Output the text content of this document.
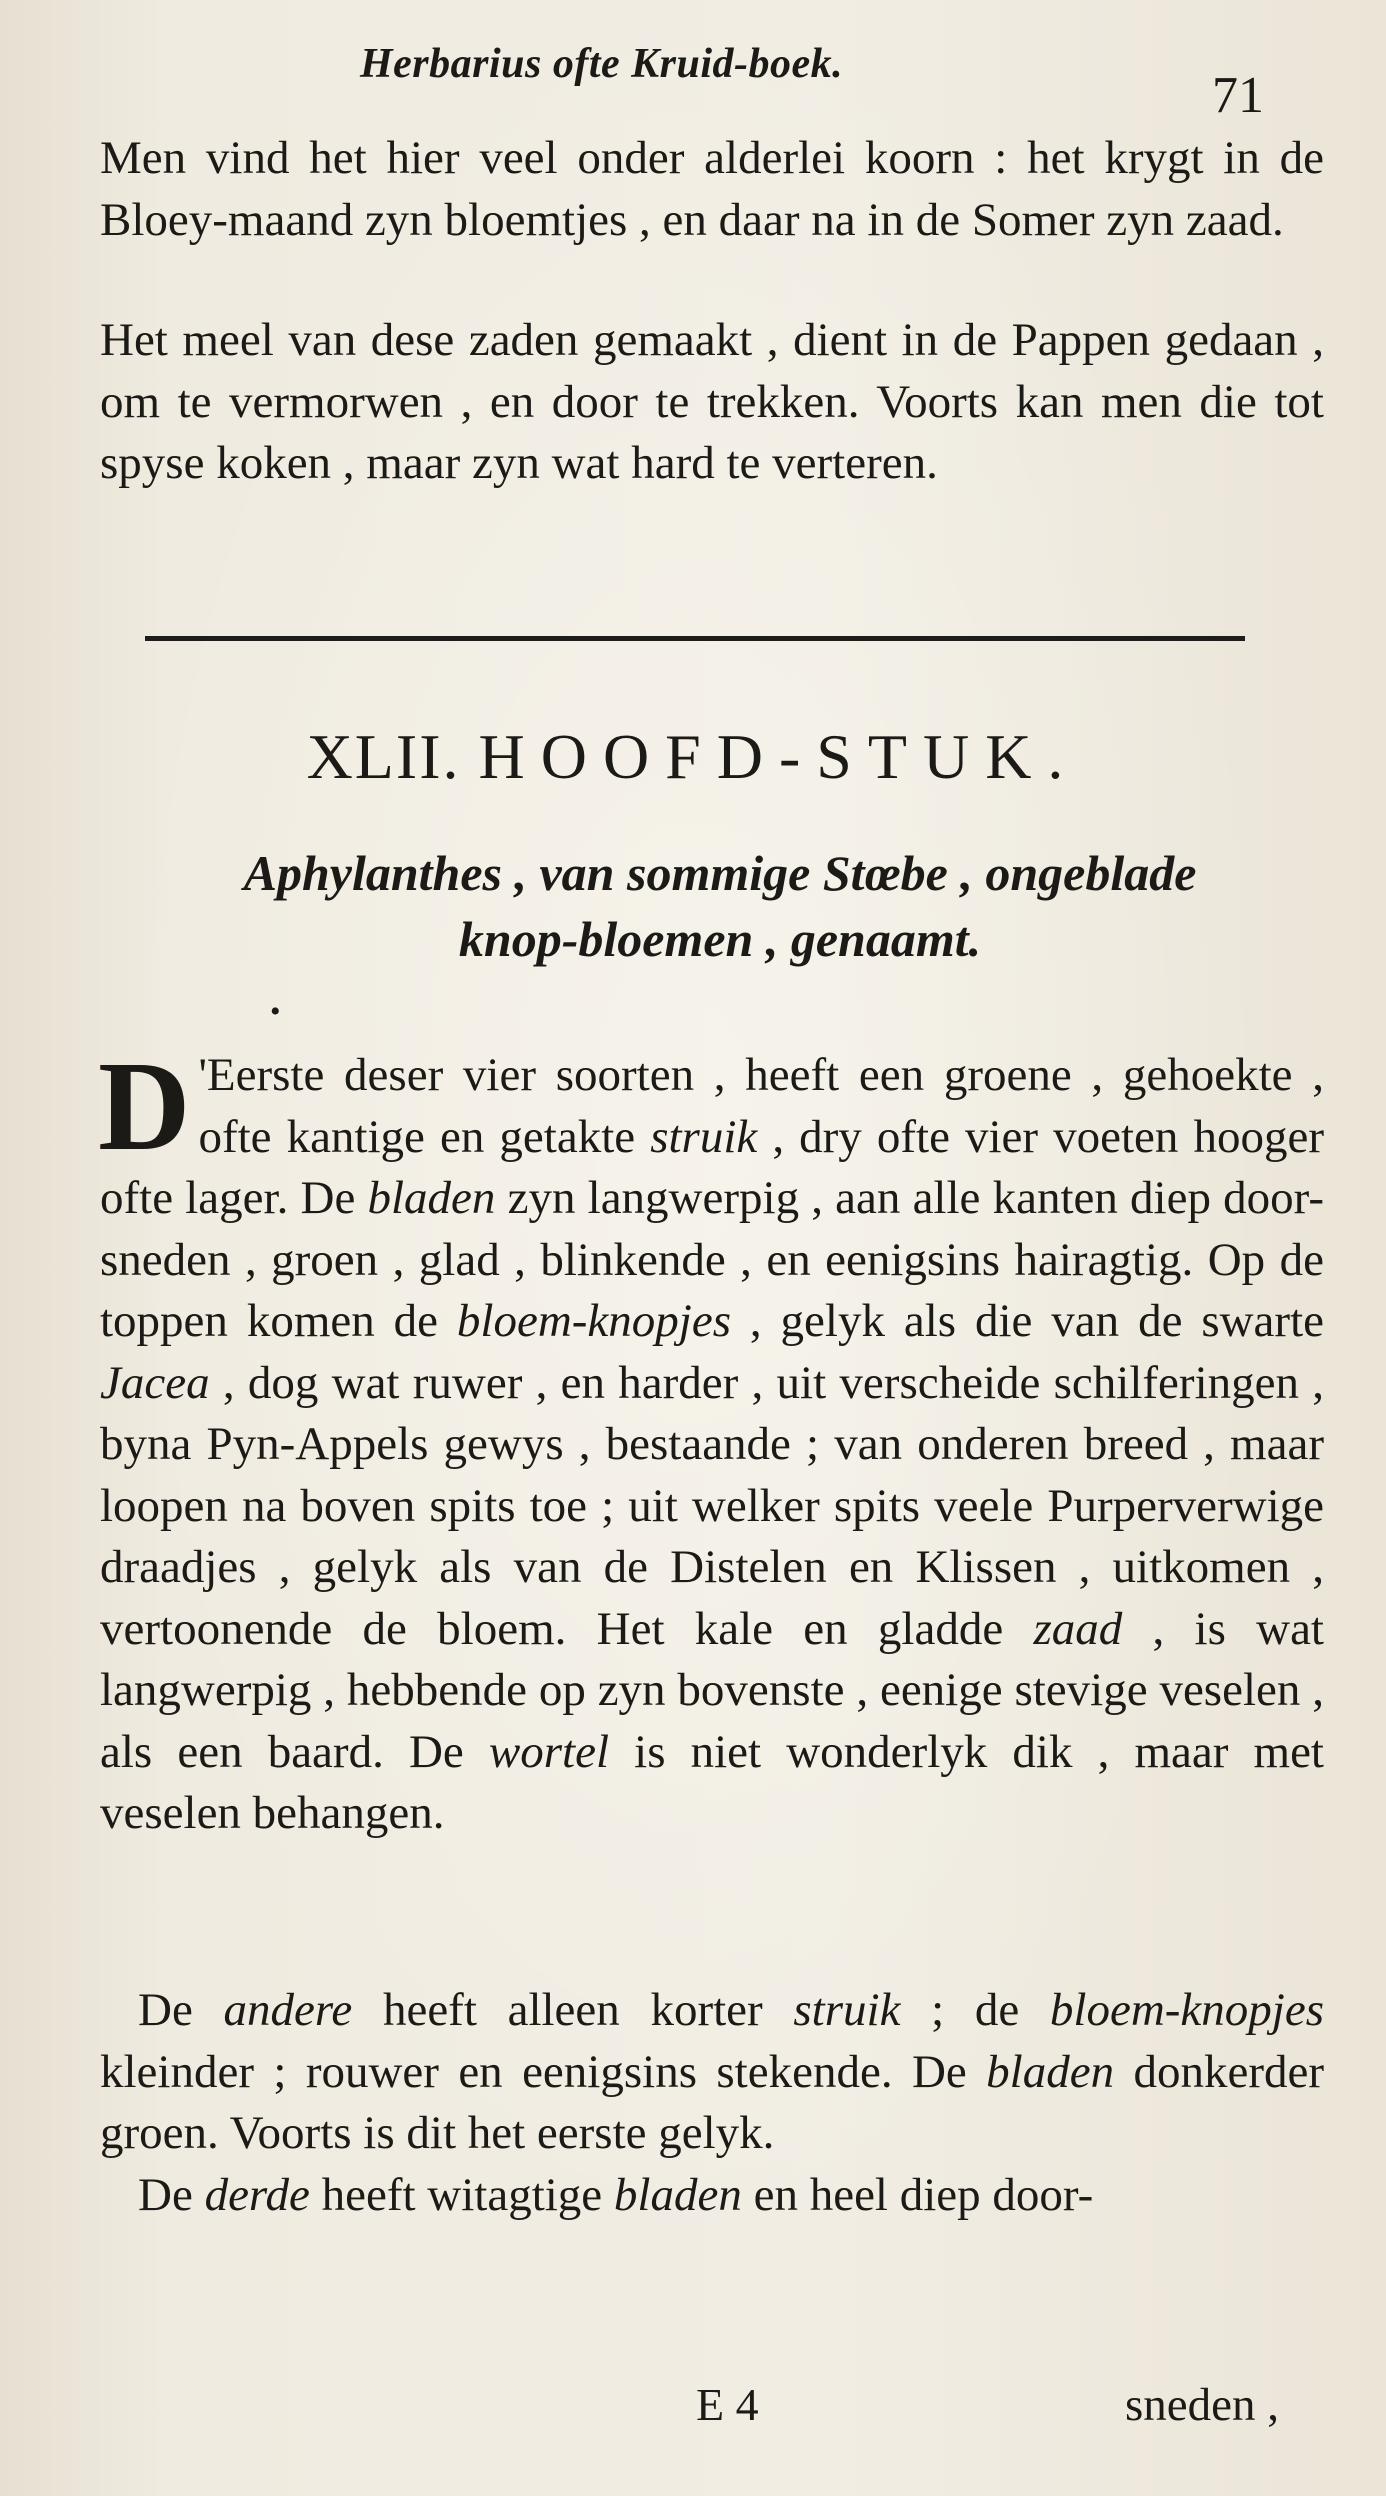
Herbarius ofte Kruid-boek.
71

Men vind het hier veel onder alderlei koorn : het krygt in de Bloey-maand zyn bloemtjes , en daar na in de Somer zyn zaad.

Het meel van dese zaden gemaakt , dient in de Pappen gedaan , om te vermorwen , en door te trekken. Voorts kan men die tot spyse koken , maar zyn wat hard te verteren.

XLII. HOOFD-STUK.

Aphylanthes , van sommige Stœbe , ongeblade
knop-bloemen , genaamt.

•

D 'Eerste deser vier soorten , heeft een groene , gehoekte , ofte kantige en getakte struik , dry ofte vier voeten hooger ofte lager. De bladen zyn langwerpig , aan alle kanten diep door-sneden , groen , glad , blinkende , en eenigsins hairagtig. Op de toppen komen de bloem-knopjes , gelyk als die van de swarte Jacea , dog wat ruwer , en harder , uit verscheide schilferingen , byna Pyn-Appels gewys , bestaande ; van onderen breed , maar loopen na boven spits toe ; uit welker spits veele Purperverwige draadjes , gelyk als van de Distelen en Klissen , uitkomen , vertoonende de bloem. Het kale en gladde zaad , is wat langwerpig , hebbende op zyn bovenste , eenige stevige veselen , als een baard. De wortel is niet wonderlyk dik , maar met veselen behangen.

De andere heeft alleen korter struik ; de bloem-knopjes kleinder ; rouwer en eenigsins stekende. De bladen donkerder groen. Voorts is dit het eerste gelyk.

De derde heeft witagtige bladen en heel diep door-

E 4	sneden ,
